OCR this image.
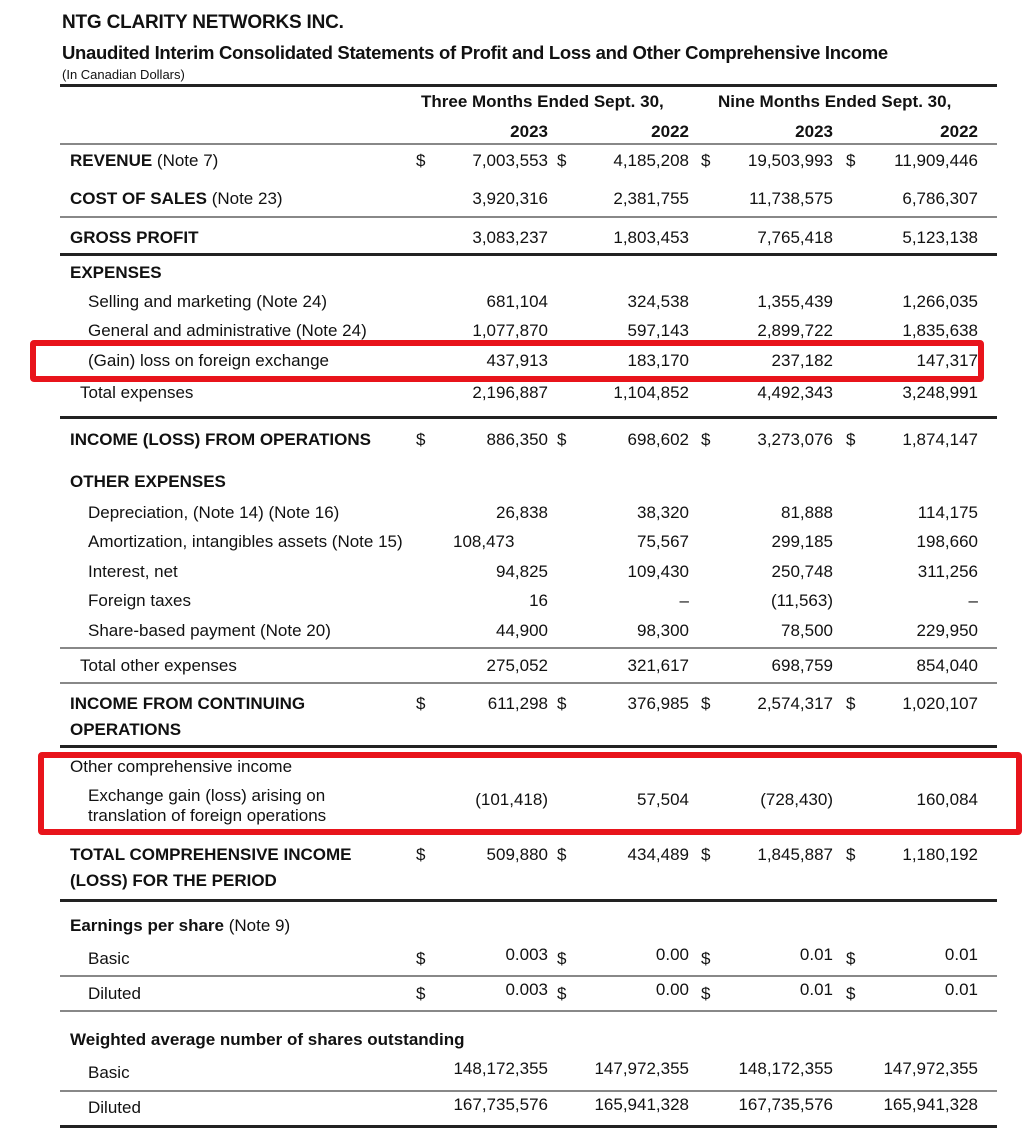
NTG CLARITY NETWORKS INC.
Unaudited Interim Consolidated Statements of Profit and Loss and Other Comprehensive Income
(In Canadian Dollars)
Three Months Ended Sept. 30,	Nine Months Ended Sept. 30,
2023	2022	2023	2022
REVENUE (Note 7)	$	7,003,553 $	4,185,208 $ 19,503,993 $ 11,909,446
COST OF SALES (Note 23)	3,920,316	2,381,755	11,738,575	6,786,307
GROSS PROFIT	3,083,237	1,803,453	7,765,418	5,123,138
EXPENSES
Selling and marketing (Note 24)	681,104	324,538	1,355,439	1,266,035
General and administrative (Note 24)	1,077,870	597,143	2,899,722	1,835,638
(Gain) loss on foreign exchange	437,913	183,170	237,182	147,317
Total expenses	2,196,887	1,104,852	4,492,343	3,248,991
INCOME (LOSS) FROM OPERATIONS	$	886,350 $	698,602 $	3,273,076 $	1,874,147
OTHER EXPENSES
Depreciation, (Note 14) (Note 16)	26,838	38,320	81,888	114,175
Amortization, intangibles assets (Note 15)	108,473	75,567	299,185	198,660
Interest, net	94,825	109,430	250,748	311,256
Foreign taxes	16	–	(11,563)	–
Share-based payment (Note 20)	44,900	98,300	78,500	229,950
Total other expenses	275,052	321,617	698,759	854,040
INCOME FROM CONTINUING	$	611,298 $	376,985 $	2,574,317 $	1,020,107
OPERATIONS
Other comprehensive income
Exchange gain (loss) arising on
translation of foreign operations
(101,418)	57,504	(728,430)	160,084
TOTAL COMPREHENSIVE INCOME	$	509,880 $	434,489 $	1,845,887 $	1,180,192
(LOSS) FOR THE PERIOD
Earnings per share (Note 9)
Basic	$	0.003 $	0.00 $	0.01 $	0.01
Diluted	$	0.003 $	0.00 $	0.01 $	0.01
Weighted average number of shares outstanding
Basic	148,172,355	147,972,355	148,172,355	147,972,355
Diluted	167,735,576	165,941,328	167,735,576	165,941,328
